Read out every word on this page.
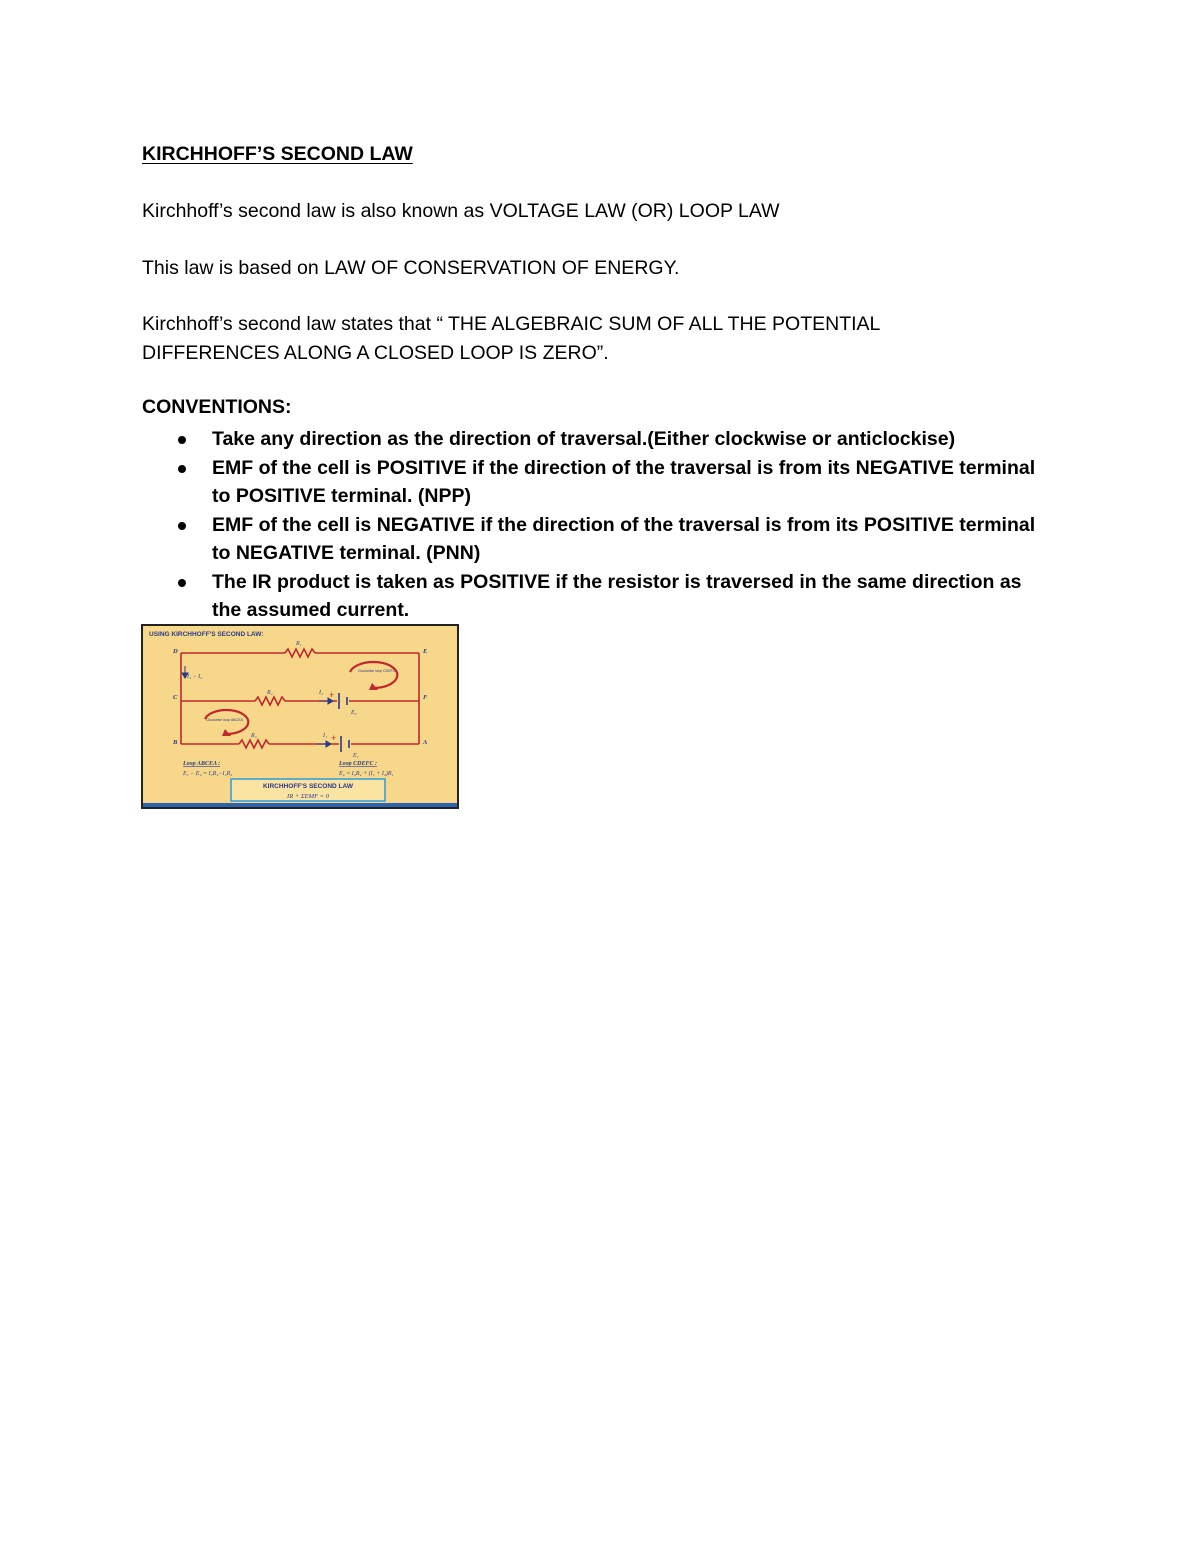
KIRCHHOFF’S SECOND LAW
Kirchhoff’s second law is also known as VOLTAGE LAW (OR) LOOP LAW
This law is based on LAW OF CONSERVATION OF ENERGY.
Kirchhoff’s second law states that “ THE ALGEBRAIC SUM OF ALL THE POTENTIAL
DIFFERENCES ALONG A CLOSED LOOP IS ZERO”.
CONVENTIONS:
Take any direction as the direction of traversal.(Either clockwise or anticlockise)
EMF of the cell is POSITIVE if the direction of the traversal is from its NEGATIVE terminal to POSITIVE terminal. (NPP)
EMF of the cell is NEGATIVE if the direction of the traversal is from its POSITIVE terminal to NEGATIVE terminal. (PNN)
The IR product is taken as POSITIVE if the resistor is traversed in the same direction as the assumed current.
USING KIRCHHOFF'S SECOND LAW:
+
+
D	E
C	F
B	A
R₁
R₂
R₃
I₁ − I₂
I₂
I₁
E₂
E₁
Clockwise loop CDEFC
Clockwise loop ABCEA
Loop ABCEA :
E₁ − E₂ = I₂R₃−I₂R₂
Loop CDEFC :
E₂ = I₂R₂ + (I₁ + I₂)R₁
KIRCHHOFF'S SECOND LAW
IR + ΣEMF = 0
